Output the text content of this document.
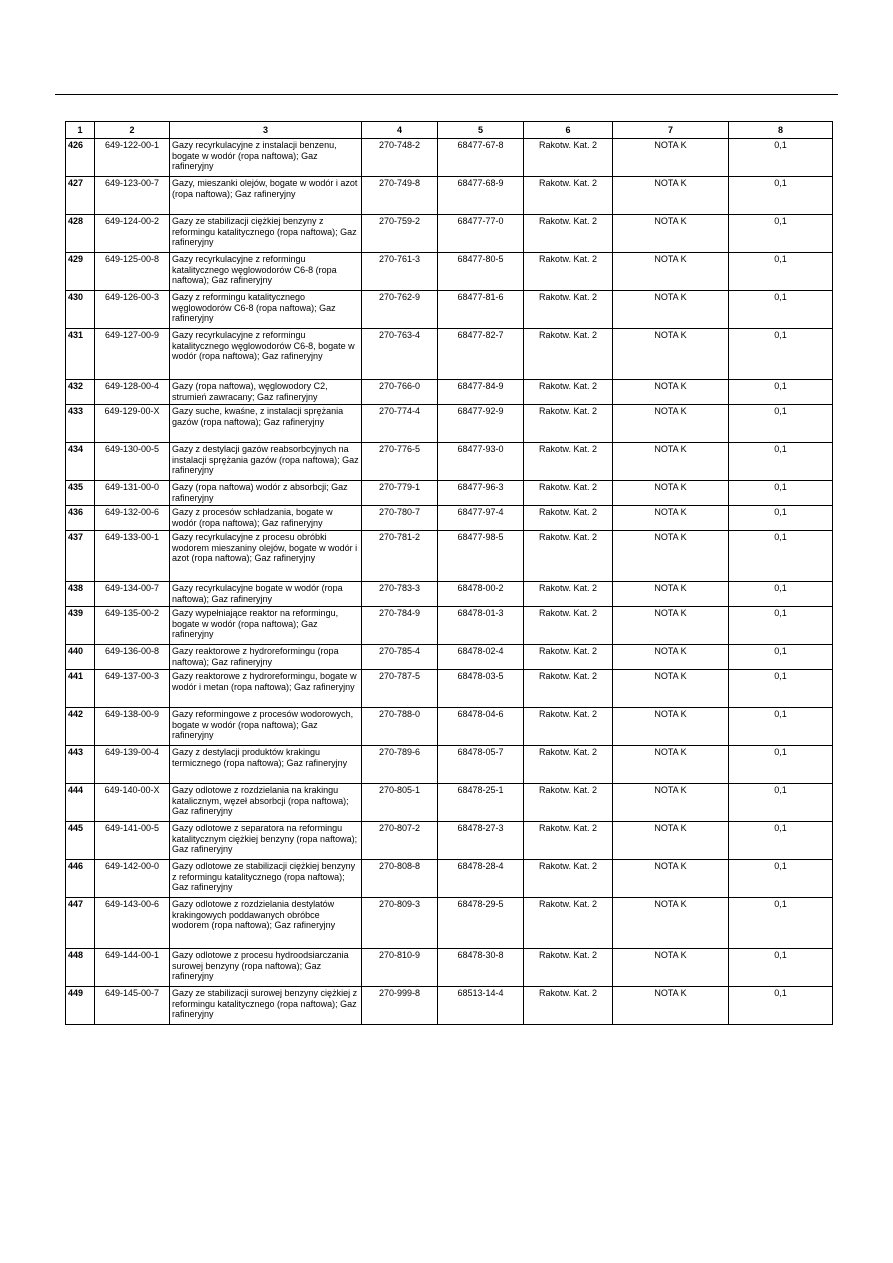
1	2	3	4	5	6	7	8
426	649-122-00-1	Gazy recyrkulacyjne z instalacji benzenu, bogate w wodór (ropa naftowa); Gaz rafineryjny	270-748-2	68477-67-8	Rakotw. Kat. 2	NOTA K	0,1
427	649-123-00-7	Gazy, mieszanki olejów, bogate w wodór i azot (ropa naftowa); Gaz rafineryjny	270-749-8	68477-68-9	Rakotw. Kat. 2	NOTA K	0,1
428	649-124-00-2	Gazy ze stabilizacji ciężkiej benzyny z reformingu katalitycznego (ropa naftowa); Gaz rafineryjny	270-759-2	68477-77-0	Rakotw. Kat. 2	NOTA K	0,1
429	649-125-00-8	Gazy recyrkulacyjne z reformingu katalitycznego węglowodorów C6-8 (ropa naftowa); Gaz rafineryjny	270-761-3	68477-80-5	Rakotw. Kat. 2	NOTA K	0,1
430	649-126-00-3	Gazy z reformingu katalitycznego węglowodorów C6-8 (ropa naftowa); Gaz rafineryjny	270-762-9	68477-81-6	Rakotw. Kat. 2	NOTA K	0,1
431	649-127-00-9	Gazy recyrkulacyjne z reformingu katalitycznego węglowodorów C6-8, bogate w wodór (ropa naftowa); Gaz rafineryjny	270-763-4	68477-82-7	Rakotw. Kat. 2	NOTA K	0,1
432	649-128-00-4	Gazy (ropa naftowa), węglowodory C2, strumień zawracany; Gaz rafineryjny	270-766-0	68477-84-9	Rakotw. Kat. 2	NOTA K	0,1
433	649-129-00-X	Gazy suche, kwaśne, z instalacji sprężania gazów (ropa naftowa); Gaz rafineryjny	270-774-4	68477-92-9	Rakotw. Kat. 2	NOTA K	0,1
434	649-130-00-5	Gazy z destylacji gazów reabsorbcyjnych na instalacji sprężania gazów (ropa naftowa); Gaz rafineryjny	270-776-5	68477-93-0	Rakotw. Kat. 2	NOTA K	0,1
435	649-131-00-0	Gazy (ropa naftowa) wodór z absorbcji; Gaz rafineryjny	270-779-1	68477-96-3	Rakotw. Kat. 2	NOTA K	0,1
436	649-132-00-6	Gazy z procesów schładzania, bogate w wodór (ropa naftowa); Gaz rafineryjny	270-780-7	68477-97-4	Rakotw. Kat. 2	NOTA K	0,1
437	649-133-00-1	Gazy recyrkulacyjne z procesu obróbki wodorem mieszaniny olejów, bogate w wodór i azot (ropa naftowa); Gaz rafineryjny	270-781-2	68477-98-5	Rakotw. Kat. 2	NOTA K	0,1
438	649-134-00-7	Gazy recyrkulacyjne bogate w wodór (ropa naftowa); Gaz rafineryjny	270-783-3	68478-00-2	Rakotw. Kat. 2	NOTA K	0,1
439	649-135-00-2	Gazy wypełniające reaktor na reformingu, bogate w wodór (ropa naftowa); Gaz rafineryjny	270-784-9	68478-01-3	Rakotw. Kat. 2	NOTA K	0,1
440	649-136-00-8	Gazy reaktorowe z hydroreformingu (ropa naftowa); Gaz rafineryjny	270-785-4	68478-02-4	Rakotw. Kat. 2	NOTA K	0,1
441	649-137-00-3	Gazy reaktorowe z hydroreformingu, bogate w wodór i metan (ropa naftowa); Gaz rafineryjny	270-787-5	68478-03-5	Rakotw. Kat. 2	NOTA K	0,1
442	649-138-00-9	Gazy reformingowe z procesów wodorowych, bogate w wodór (ropa naftowa); Gaz rafineryjny	270-788-0	68478-04-6	Rakotw. Kat. 2	NOTA K	0,1
443	649-139-00-4	Gazy z destylacji produktów krakingu termicznego (ropa naftowa); Gaz rafineryjny	270-789-6	68478-05-7	Rakotw. Kat. 2	NOTA K	0,1
444	649-140-00-X	Gazy odlotowe z rozdzielania na krakingu katalicznym, węzeł absorbcji (ropa naftowa); Gaz rafineryjny	270-805-1	68478-25-1	Rakotw. Kat. 2	NOTA K	0,1
445	649-141-00-5	Gazy odlotowe z separatora na reformingu katalitycznym ciężkiej benzyny (ropa naftowa); Gaz rafineryjny	270-807-2	68478-27-3	Rakotw. Kat. 2	NOTA K	0,1
446	649-142-00-0	Gazy odlotowe ze stabilizacji ciężkiej benzyny z reformingu katalitycznego (ropa naftowa); Gaz rafineryjny	270-808-8	68478-28-4	Rakotw. Kat. 2	NOTA K	0,1
447	649-143-00-6	Gazy odlotowe z rozdzielania destylatów krakingowych poddawanych obróbce wodorem (ropa naftowa); Gaz rafineryjny	270-809-3	68478-29-5	Rakotw. Kat. 2	NOTA K	0,1
448	649-144-00-1	Gazy odlotowe z procesu hydroodsiarczania surowej benzyny (ropa naftowa); Gaz rafineryjny	270-810-9	68478-30-8	Rakotw. Kat. 2	NOTA K	0,1
449	649-145-00-7	Gazy ze stabilizacji surowej benzyny ciężkiej z reformingu katalitycznego (ropa naftowa); Gaz rafineryjny	270-999-8	68513-14-4	Rakotw. Kat. 2	NOTA K	0,1
